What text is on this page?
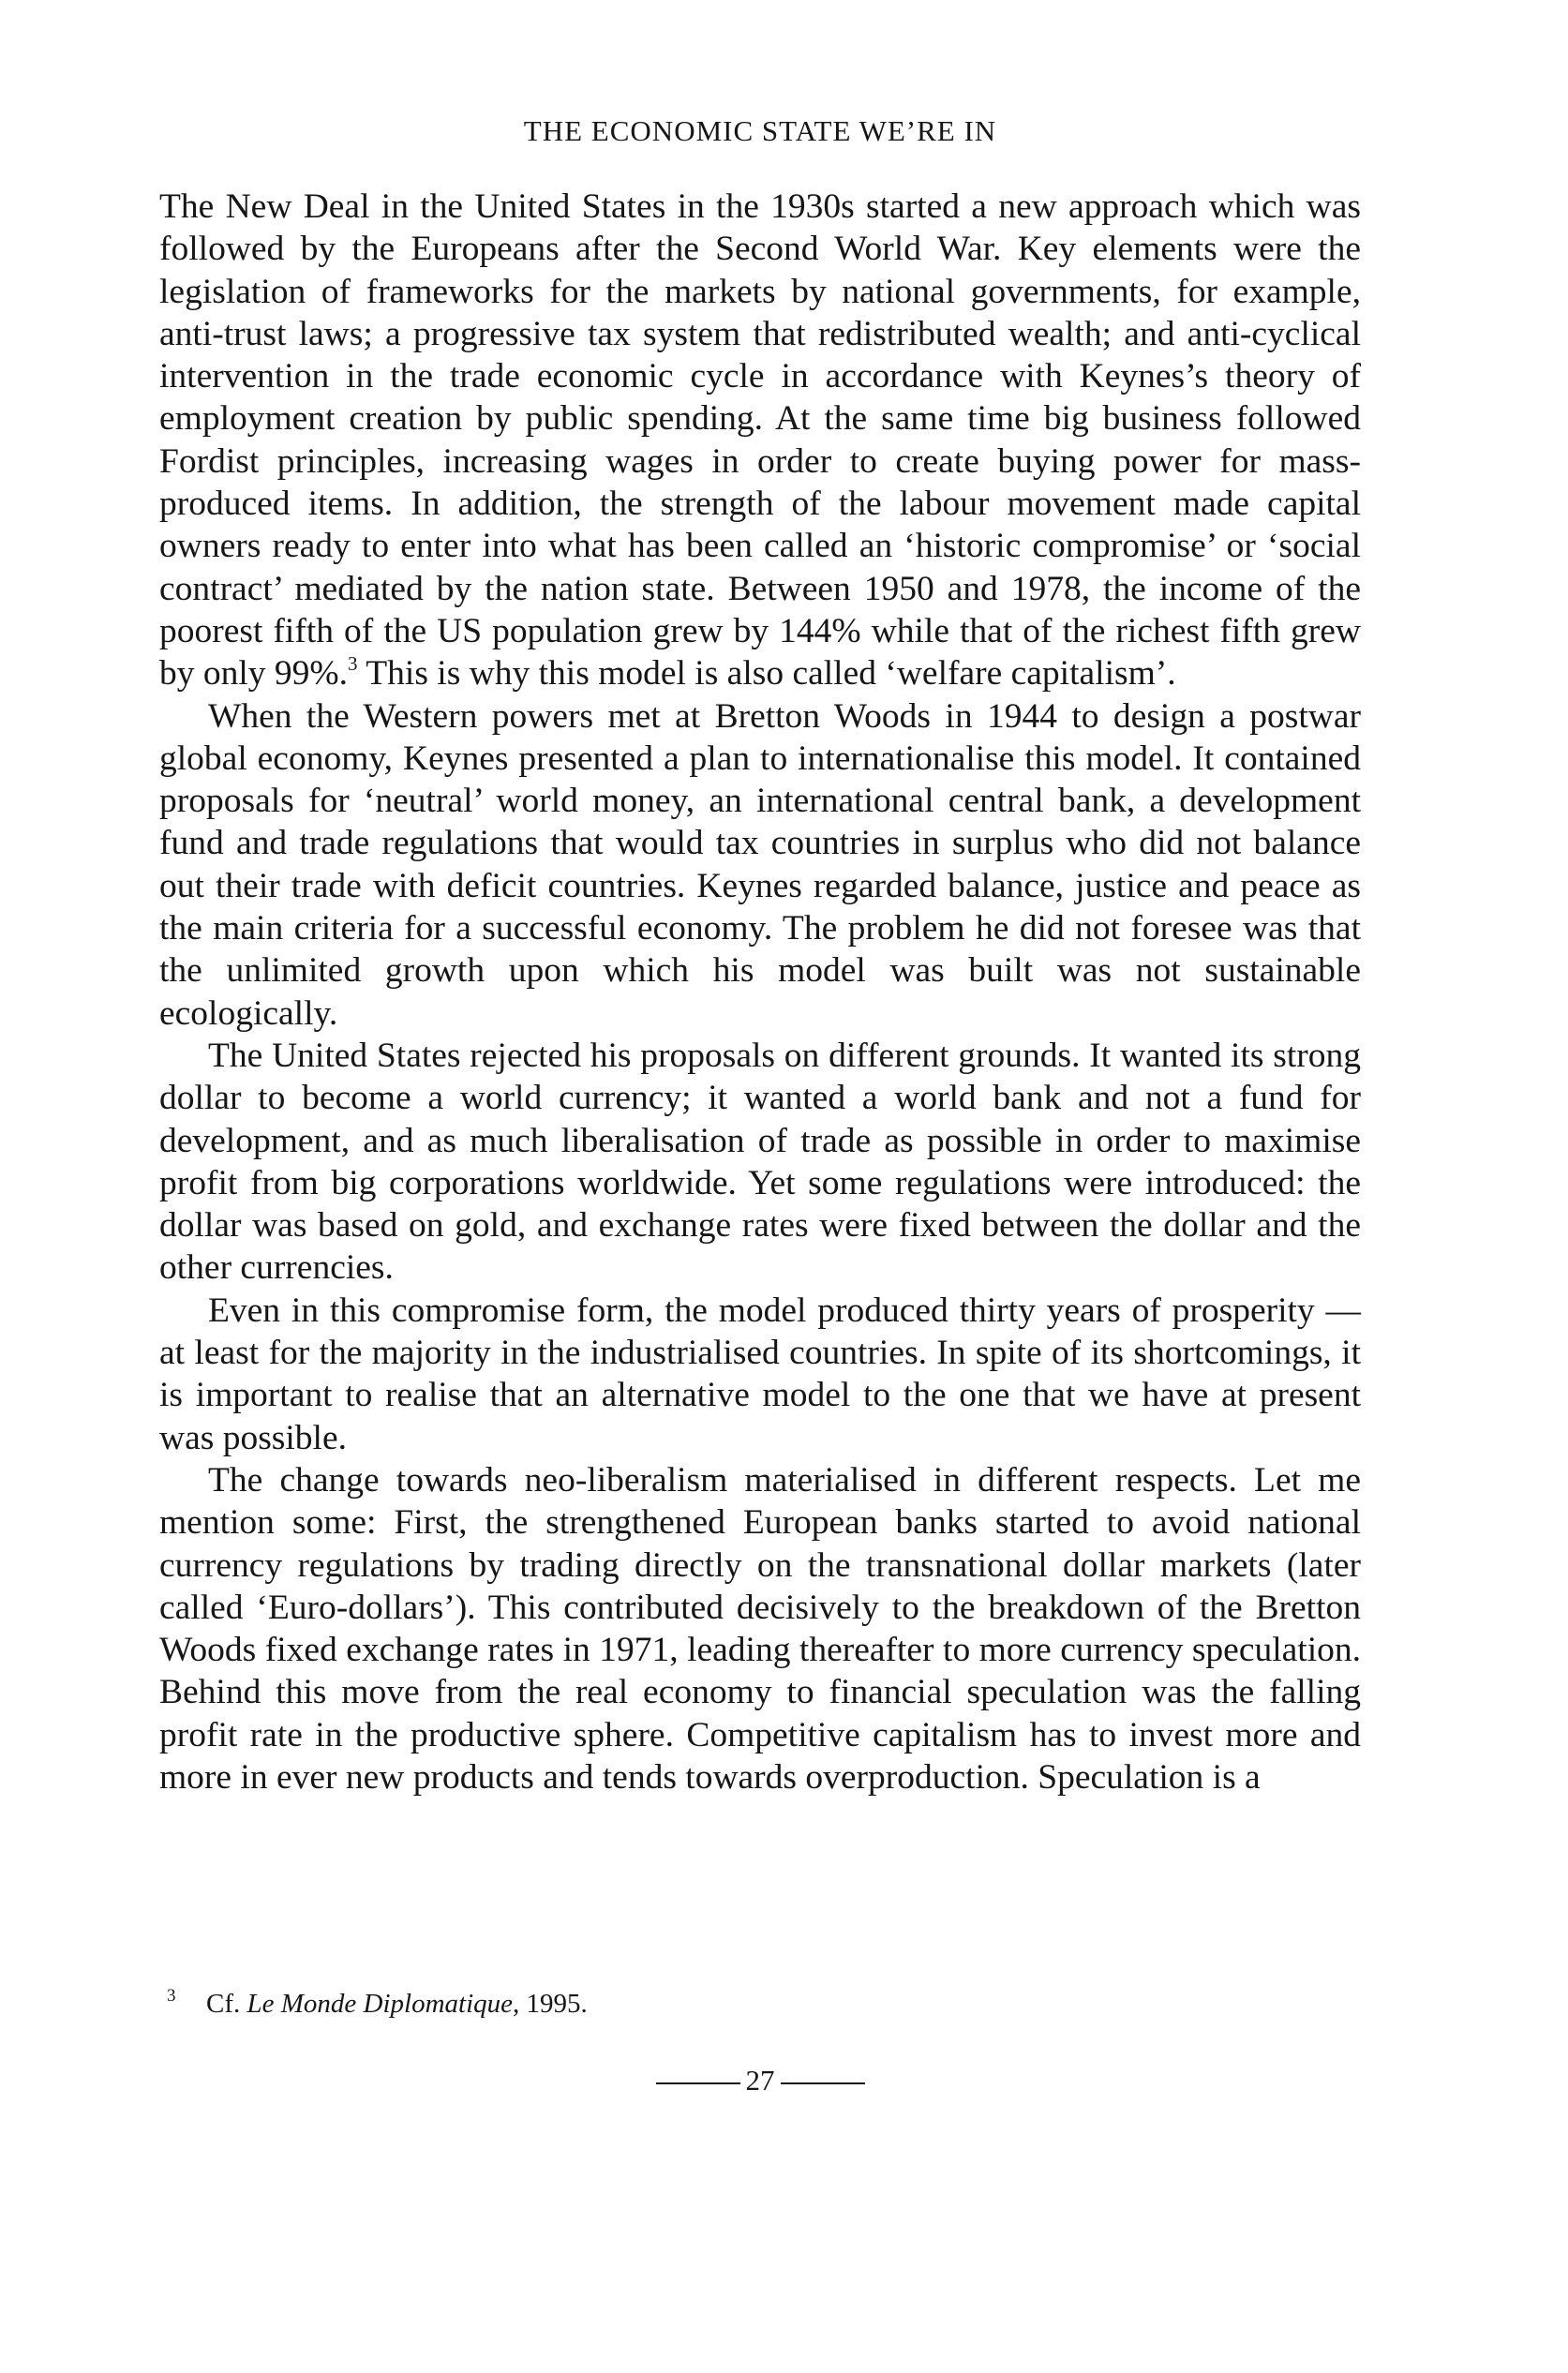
THE ECONOMIC STATE WE’RE IN

The New Deal in the United States in the 1930s started a new approach which was followed by the Europeans after the Second World War. Key elements were the legislation of frameworks for the markets by national governments, for example, anti-trust laws; a progressive tax system that redistributed wealth; and anti-cyclical intervention in the trade economic cycle in accordance with Keynes’s theory of employment creation by public spending. At the same time big business followed Fordist principles, increasing wages in order to create buying power for mass-produced items. In addition, the strength of the labour movement made capital owners ready to enter into what has been called an ‘historic compromise’ or ‘social contract’ mediated by the nation state. Between 1950 and 1978, the income of the poorest fifth of the US population grew by 144% while that of the richest fifth grew by only 99%.$^3$ This is why this model is also called ‘welfare capitalism’.

When the Western powers met at Bretton Woods in 1944 to design a postwar global economy, Keynes presented a plan to internationalise this model. It contained proposals for ‘neutral’ world money, an international central bank, a development fund and trade regulations that would tax countries in surplus who did not balance out their trade with deficit countries. Keynes regarded balance, justice and peace as the main criteria for a successful economy. The problem he did not foresee was that the unlimited growth upon which his model was built was not sustainable ecologically.

The United States rejected his proposals on different grounds. It wanted its strong dollar to become a world currency; it wanted a world bank and not a fund for development, and as much liberalisation of trade as possible in order to maximise profit from big corporations worldwide. Yet some regulations were introduced: the dollar was based on gold, and exchange rates were fixed between the dollar and the other currencies.

Even in this compromise form, the model produced thirty years of prosperity — at least for the majority in the industrialised countries. In spite of its shortcomings, it is important to realise that an alternative model to the one that we have at present was possible.

The change towards neo-liberalism materialised in different respects. Let me mention some: First, the strengthened European banks started to avoid national currency regulations by trading directly on the transnational dollar markets (later called ‘Euro-dollars’). This contributed decisively to the breakdown of the Bretton Woods fixed exchange rates in 1971, leading thereafter to more currency speculation. Behind this move from the real economy to financial speculation was the falling profit rate in the productive sphere. Competitive capitalism has to invest more and more in ever new products and tends towards overproduction. Speculation is a

3 Cf. Le Monde Diplomatique, 1995.
27
